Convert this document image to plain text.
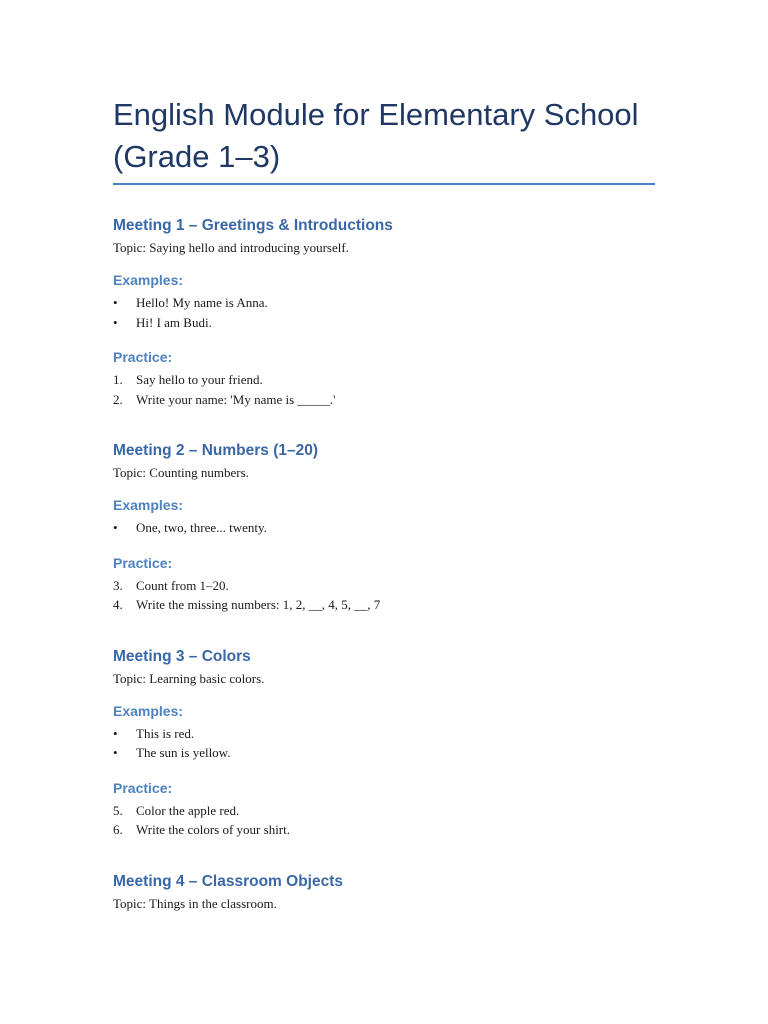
English Module for Elementary School
(Grade 1–3)
Meeting 1 – Greetings & Introductions

Topic: Saying hello and introducing yourself.

Examples:
• Hello! My name is Anna.
• Hi! I am Budi.
Practice:
1. Say hello to your friend.
2. Write your name: 'My name is _____.'
Meeting 2 – Numbers (1–20)

Topic: Counting numbers.

Examples:
• One, two, three... twenty.
Practice:
3. Count from 1–20.
4. Write the missing numbers: 1, 2, __, 4, 5, __, 7
Meeting 3 – Colors

Topic: Learning basic colors.

Examples:
• This is red.
• The sun is yellow.
Practice:
5. Color the apple red.
6. Write the colors of your shirt.
Meeting 4 – Classroom Objects

Topic: Things in the classroom.
